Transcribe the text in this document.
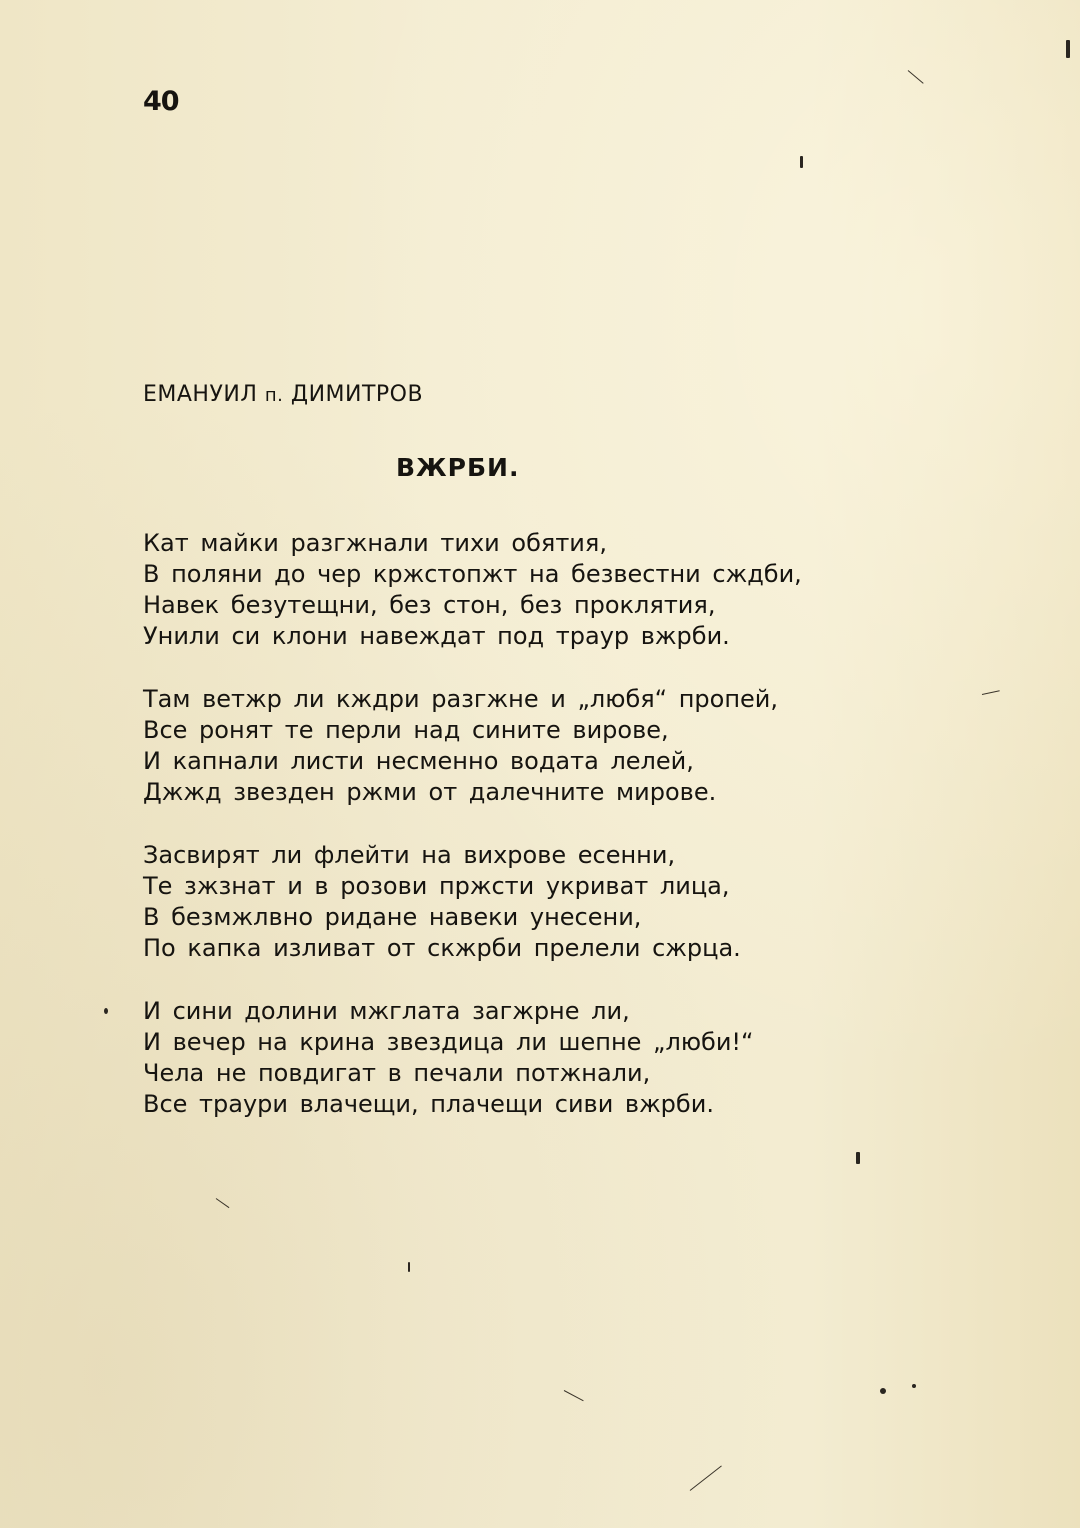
40
ЕМАНУИЛ п. ДИМИТРОВ
ВЖРБИ.
Кат майки разгжнали тихи обятия,
В поляни до чер кржстопжт на безвестни сждби,
Навек безутещни, без стон, без проклятия,
Унили си клони навеждат под траур вжрби.
Там ветжр ли кждри разгжне и „любя“ пропей,
Все ронят те перли над сините вирове,
И капнали листи несменно водата лелей,
Джжд звезден ржми от далечните мирове.
Засвирят ли флейти на вихрове есенни,
Те зжзнат и в розови пржсти укриват лица,
В безмжлвно ридане навеки унесени,
По капка изливат от скжрби прелели сжрца.
И сини долини мжглата загжрне ли,
И вечер на крина звездица ли шепне „люби!“
Чела не повдигат в печали потжнали,
Все траури влачещи, плачещи сиви вжрби.
